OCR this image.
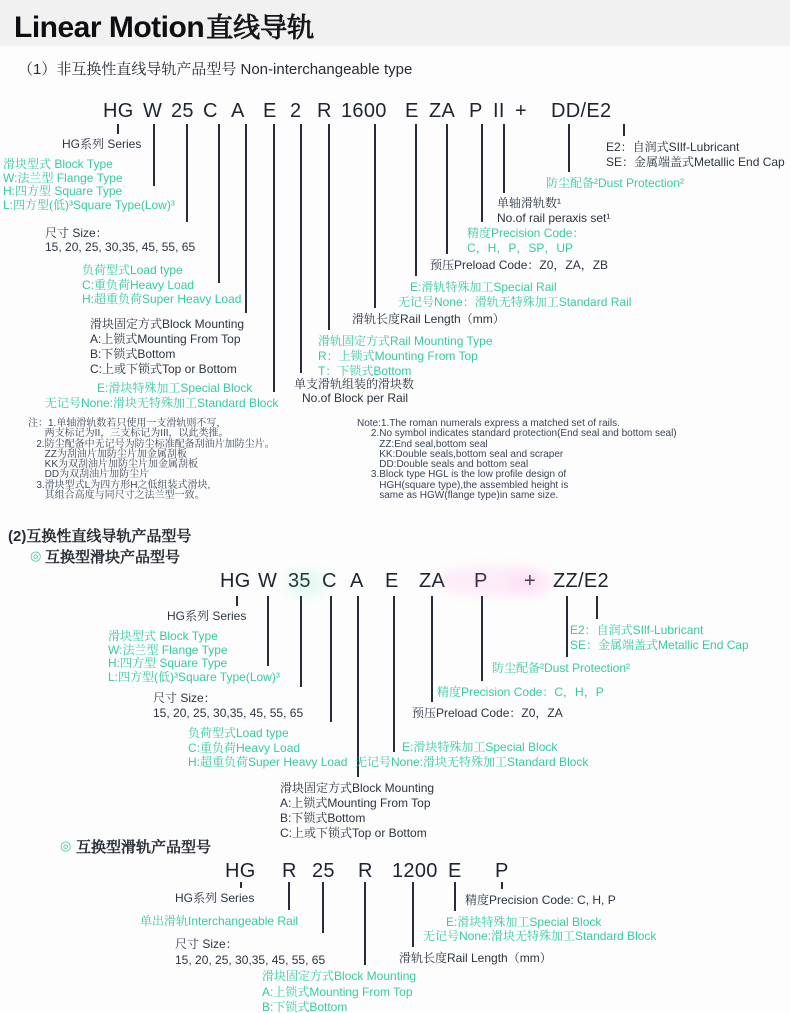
Linear Motion直线导轨
（1）非互换性直线导轨产品型号 Non-interchangeable type
(2)互换性直线导轨产品型号
◎ 互换型滑块产品型号
◎ 互换型滑轨产品型号
注：1.单轴滑轨数若只使用一支滑轨则不写，
两支标记为II，三支标记为III，以此类推。
2.防尘配备中无记号为防尘标准配备刮油片加防尘片。
ZZ为刮油片加防尘片加金属刮板
KK为双刮油片加防尘片加金属刮板
DD为双刮油片加防尘片
3.滑块型式L为四方形H之低组装式滑块,
其组合高度与同尺寸之法兰型一致。
Note:1.The roman numerals express a matched set of rails.
2.No symbol indicates standard protection(End seal and bottom seal)
ZZ:End seal,bottom seal
KK:Double seals,bottom seal and scraper
DD:Double seals and bottom seal
3.Block type HGL is the low profile design of
HGH(square type),the assembled height is
same as HGW(flange type)in same size.
HG W 25 C A E 2 R 1600 E ZA P II + DD/E2
HG系列 Series
滑块型式 Block Type
W:法兰型 Flange Type
H:四方型 Square Type
L:四方型(低)³Square Type(Low)³
尺寸 Size：
15, 20, 25, 30,35, 45, 55, 65
负荷型式Load type
C:重负荷Heavy Load
H:超重负荷Super Heavy Load
滑块固定方式Block Mounting
A:上锁式Mounting From Top
B:下锁式Bottom
C:上或下锁式Top or Bottom
E:滑块特殊加工Special Block
无记号None:滑块无特殊加工Standard Block
单支滑轨组装的滑块数
No.of Block per Rail
滑轨固定方式Rail Mounting Type
R：上锁式Mounting From Top
T：下锁式Bottom
滑轨长度Rail Length（mm）
E:滑轨特殊加工Special Rail
无记号None：滑轨无特殊加工Standard Rail
预压Preload Code：Z0，ZA，ZB
精度Precision Code：
C，H，P，SP，UP
单轴滑轨数¹
No.of rail peraxis set¹
防尘配备²Dust Protection²
E2：自润式SIlf-Lubricant
SE：金属端盖式Metallic End Cap
HG W 35 C A E ZA P + ZZ/E2
HG系列 Series
滑块型式 Block Type
W:法兰型 Flange Type
H:四方型 Square Type
L:四方型(低)³Square Type(Low)³
尺寸 Size：
15, 20, 25, 30,35, 45, 55, 65
负荷型式Load type
C:重负荷Heavy Load
H:超重负荷Super Heavy Load
滑块固定方式Block Mounting
A:上锁式Mounting From Top
B:下锁式Bottom
C:上或下锁式Top or Bottom
E:滑块特殊加工Special Block
无记号None:滑块无特殊加工Standard Block
预压Preload Code：Z0，ZA
精度Precision Code：C，H，P
防尘配备²Dust Protection²
E2：自润式SIlf-Lubricant
SE：金属端盖式Metallic End Cap
HG R 25 R 1200 E P
HG系列 Series
单出滑轨Interchangeable Rail
尺寸 Size：
15, 20, 25, 30,35, 45, 55, 65
滑块固定方式Block Mounting
A:上锁式Mounting From Top
B:下锁式Bottom
滑轨长度Rail Length（mm）
E:滑块特殊加工Special Block
无记号None:滑块无特殊加工Standard Block
精度Precision Code: C, H, P
